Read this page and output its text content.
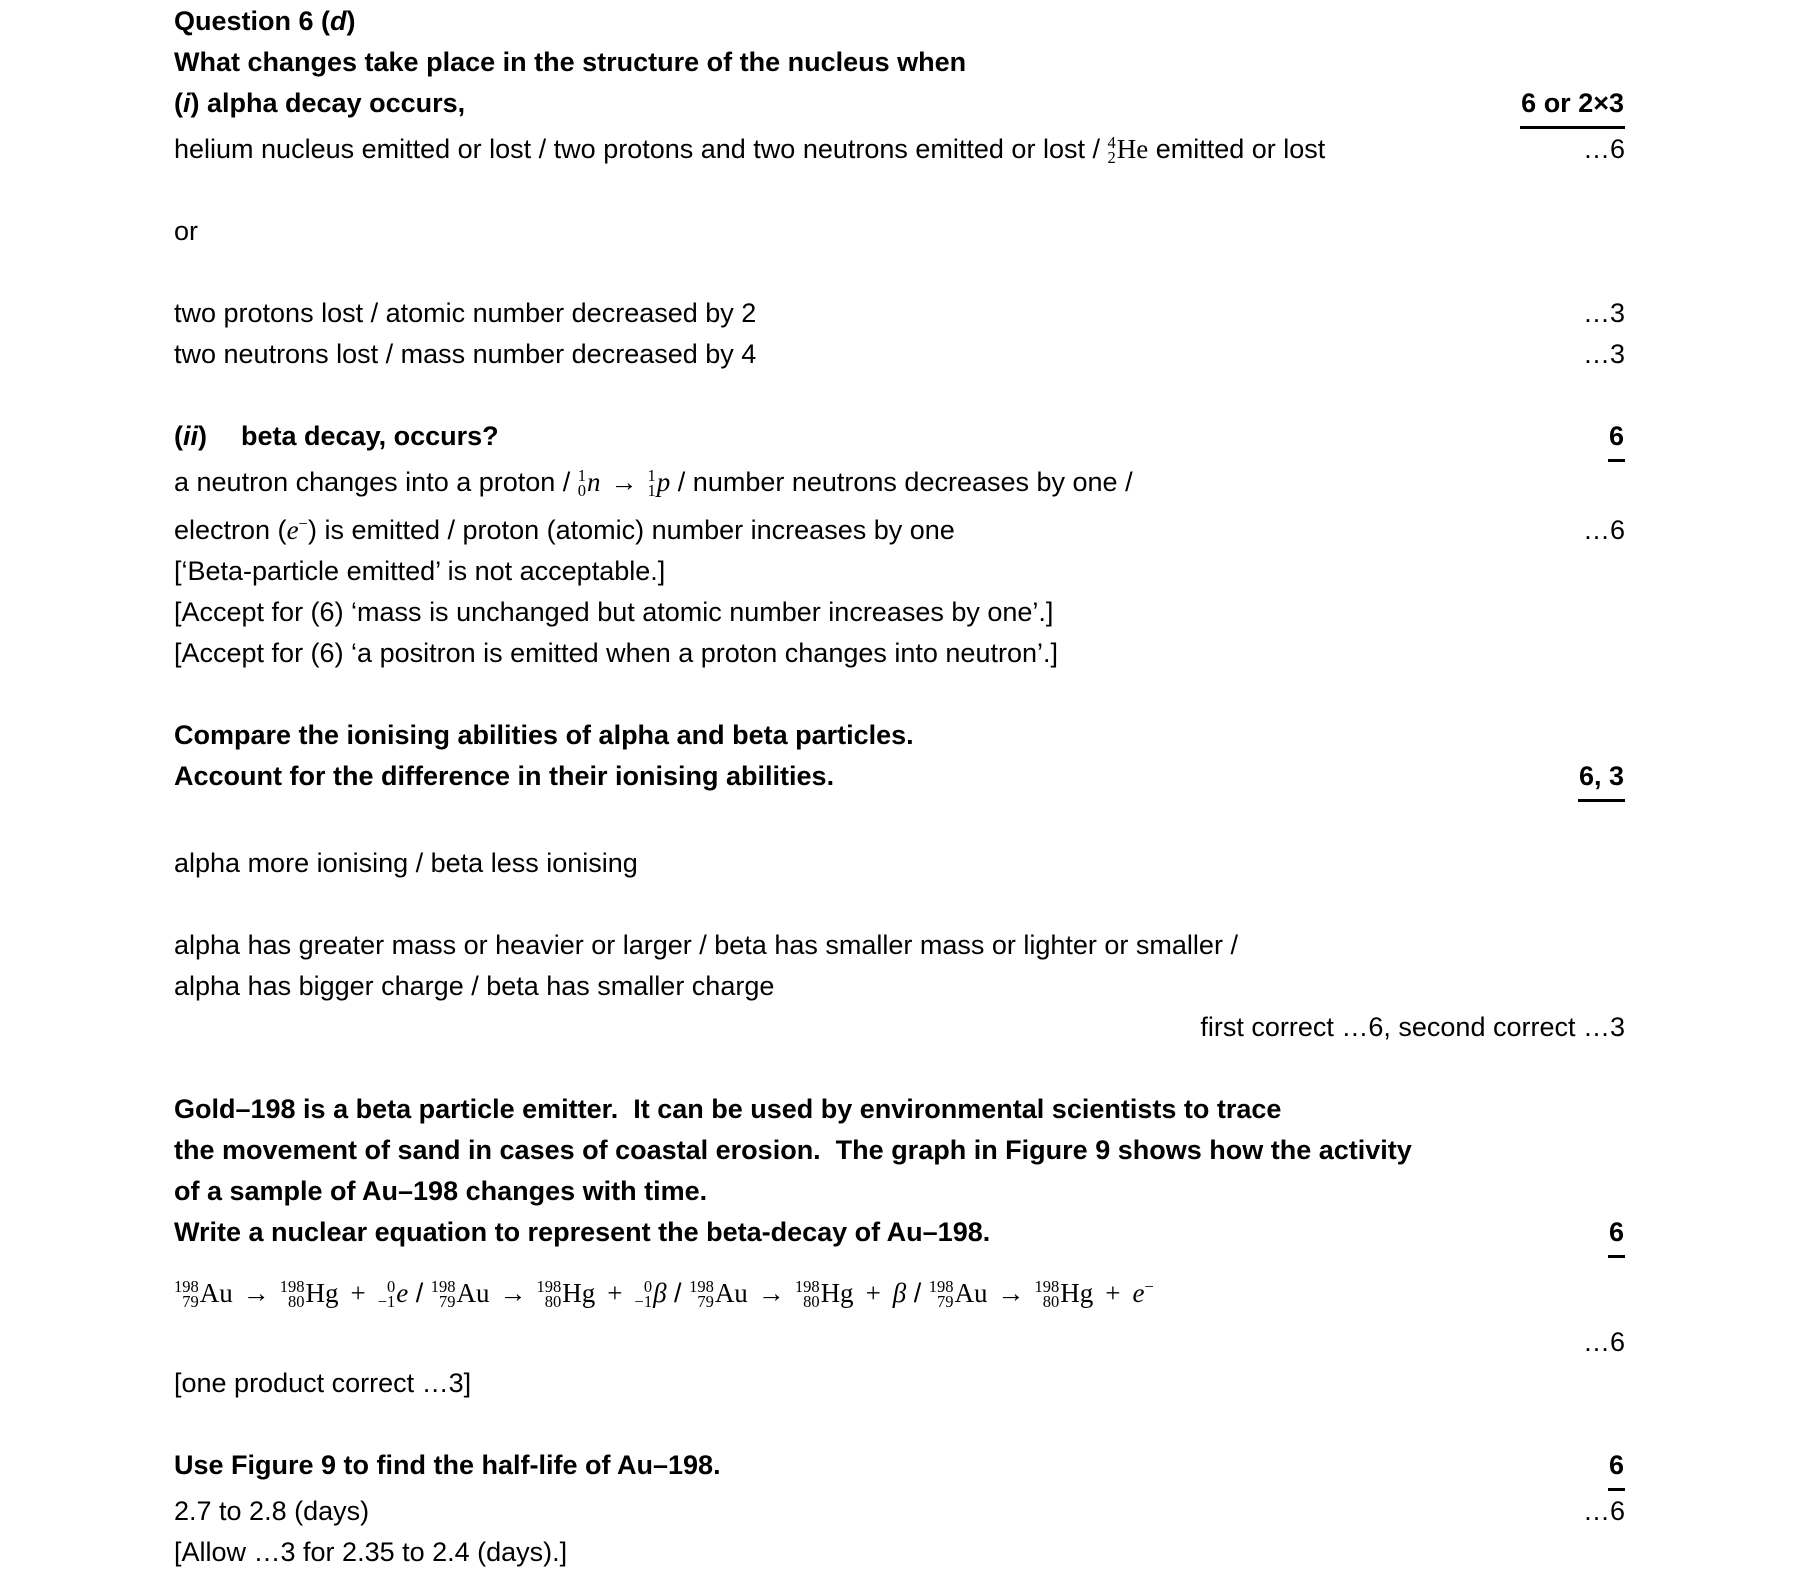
Question 6 (d)
What changes take place in the structure of the nucleus when
(i) alpha decay occurs,	6 or 2×3
helium nucleus emitted or lost / two protons and two neutrons emitted or lost / 4
2 He emitted or lost	…6
or
two protons lost / atomic number decreased by 2	…3
two neutrons lost / mass number decreased by 4	…3
(ii) beta decay, occurs?	6
a neutron changes into a proton / 1
0 n → 1
1 p / number neutrons decreases by one /
electron (e−) is emitted / proton (atomic) number increases by one	…6
[‘Beta-particle emitted’ is not acceptable.]
[Accept for (6) ‘mass is unchanged but atomic number increases by one’.]
[Accept for (6) ‘a positron is emitted when a proton changes into neutron’.]
Compare the ionising abilities of alpha and beta particles.
Account for the difference in their ionising abilities.	6, 3
alpha more ionising / beta less ionising
alpha has greater mass or heavier or larger / beta has smaller mass or lighter or smaller /
alpha has bigger charge / beta has smaller charge
first correct …6, second correct …3
Gold–198 is a beta particle emitter.  It can be used by environmental scientists to trace
the movement of sand in cases of coastal erosion.  The graph in Figure 9 shows how the activity
of a sample of Au–198 changes with time.
Write a nuclear equation to represent the beta-decay of Au–198.	6
198
79 Au → 198
80 Hg + 0
−1 e / 198
79 Au → 198
80 Hg + 0
−1 β / 198
79 Au → 198
80 Hg + β / 198
79 Au → 198
80 Hg + e−
…6
[one product correct …3]
Use Figure 9 to find the half-life of Au–198.	6
2.7 to 2.8 (days)	…6
[Allow …3 for 2.35 to 2.4 (days).]
